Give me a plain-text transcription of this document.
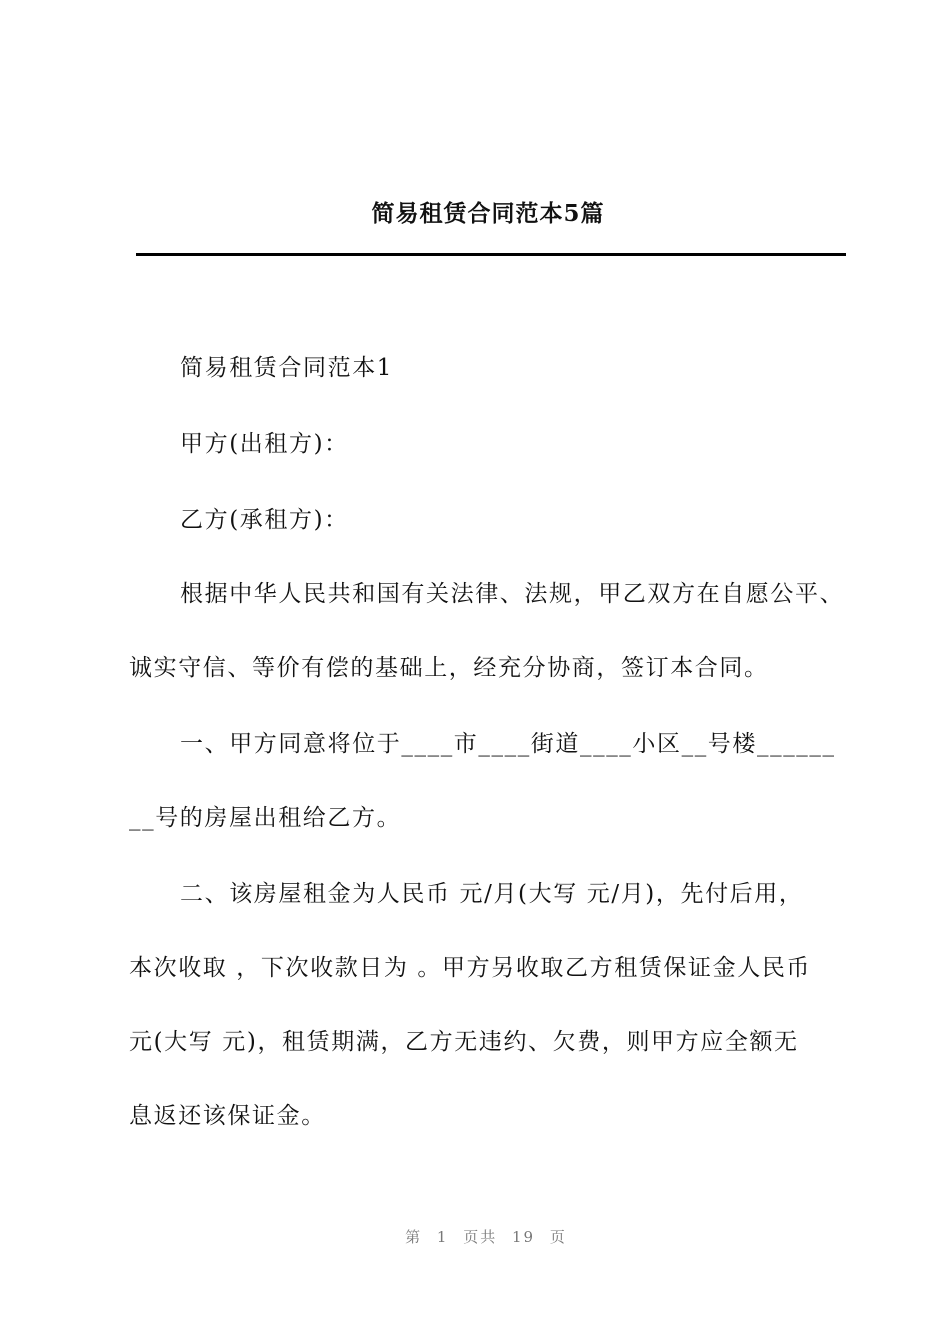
简易租赁合同范本5篇
简易租赁合同范本1
甲方(出租方)：
乙方(承租方)：
根据中华人民共和国有关法律、法规，甲乙双方在自愿公平、
诚实守信、等价有偿的基础上，经充分协商，签订本合同。
一、甲方同意将位于____市____街道____小区__号楼______
__号的房屋出租给乙方。
二、该房屋租金为人民币 元/月(大写 元/月)，先付后用，
本次收取 ，下次收款日为 。甲方另收取乙方租赁保证金人民币
元(大写 元)，租赁期满，乙方无违约、欠费，则甲方应全额无
息返还该保证金。
第 1 页共 19 页
